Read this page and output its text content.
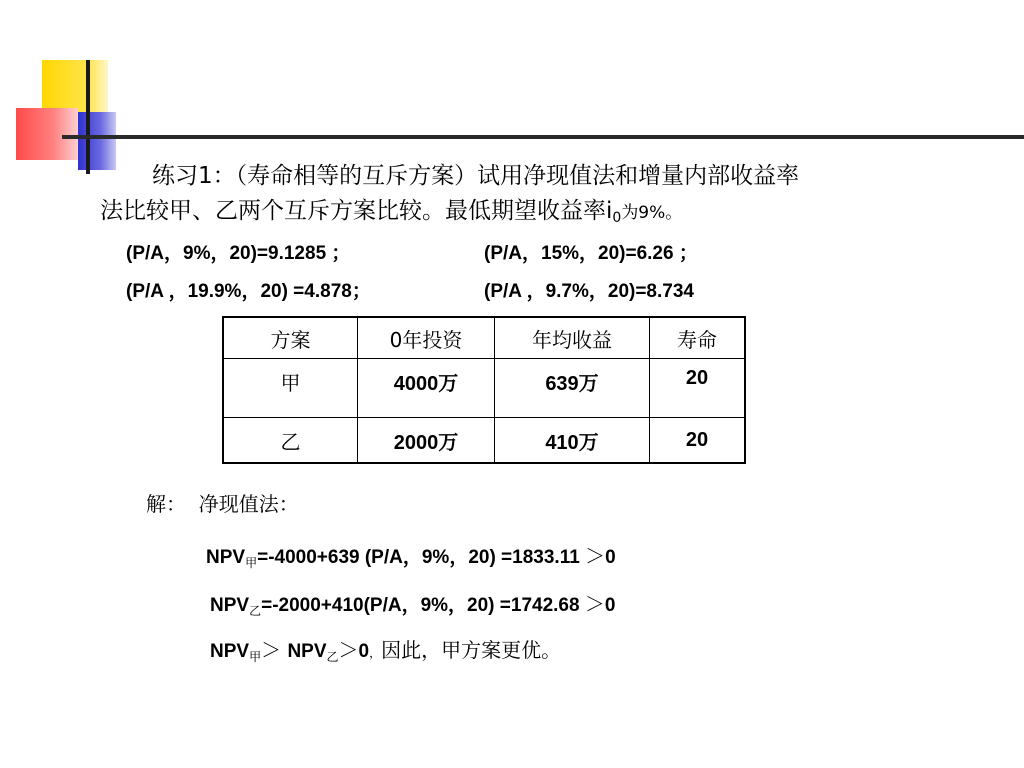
练习1：（寿命相等的互斥方案）试用净现值法和增量内部收益率
法比较甲、乙两个互斥方案比较。最低期望收益率i0为9%。
(P/A，9%，20)=9.1285 ；	(P/A，15%，20)=6.26 ；
(P/A ，19.9%，20) =4.878；	(P/A ，9.7%，20)=8.734
方案	0年投资	年均收益	寿命
甲	4000万	639万	20
乙	2000万	410万	20
解：  净现值法：
$NPV_甲=-4000+639$ (P/A，9%，20) =1833.11 ＞0
$NPV_乙=-2000+410(P/A$，9%，20) =1742.68 ＞0
$NPV_甲> NPV_乙>0$，因此，甲方案更优。
